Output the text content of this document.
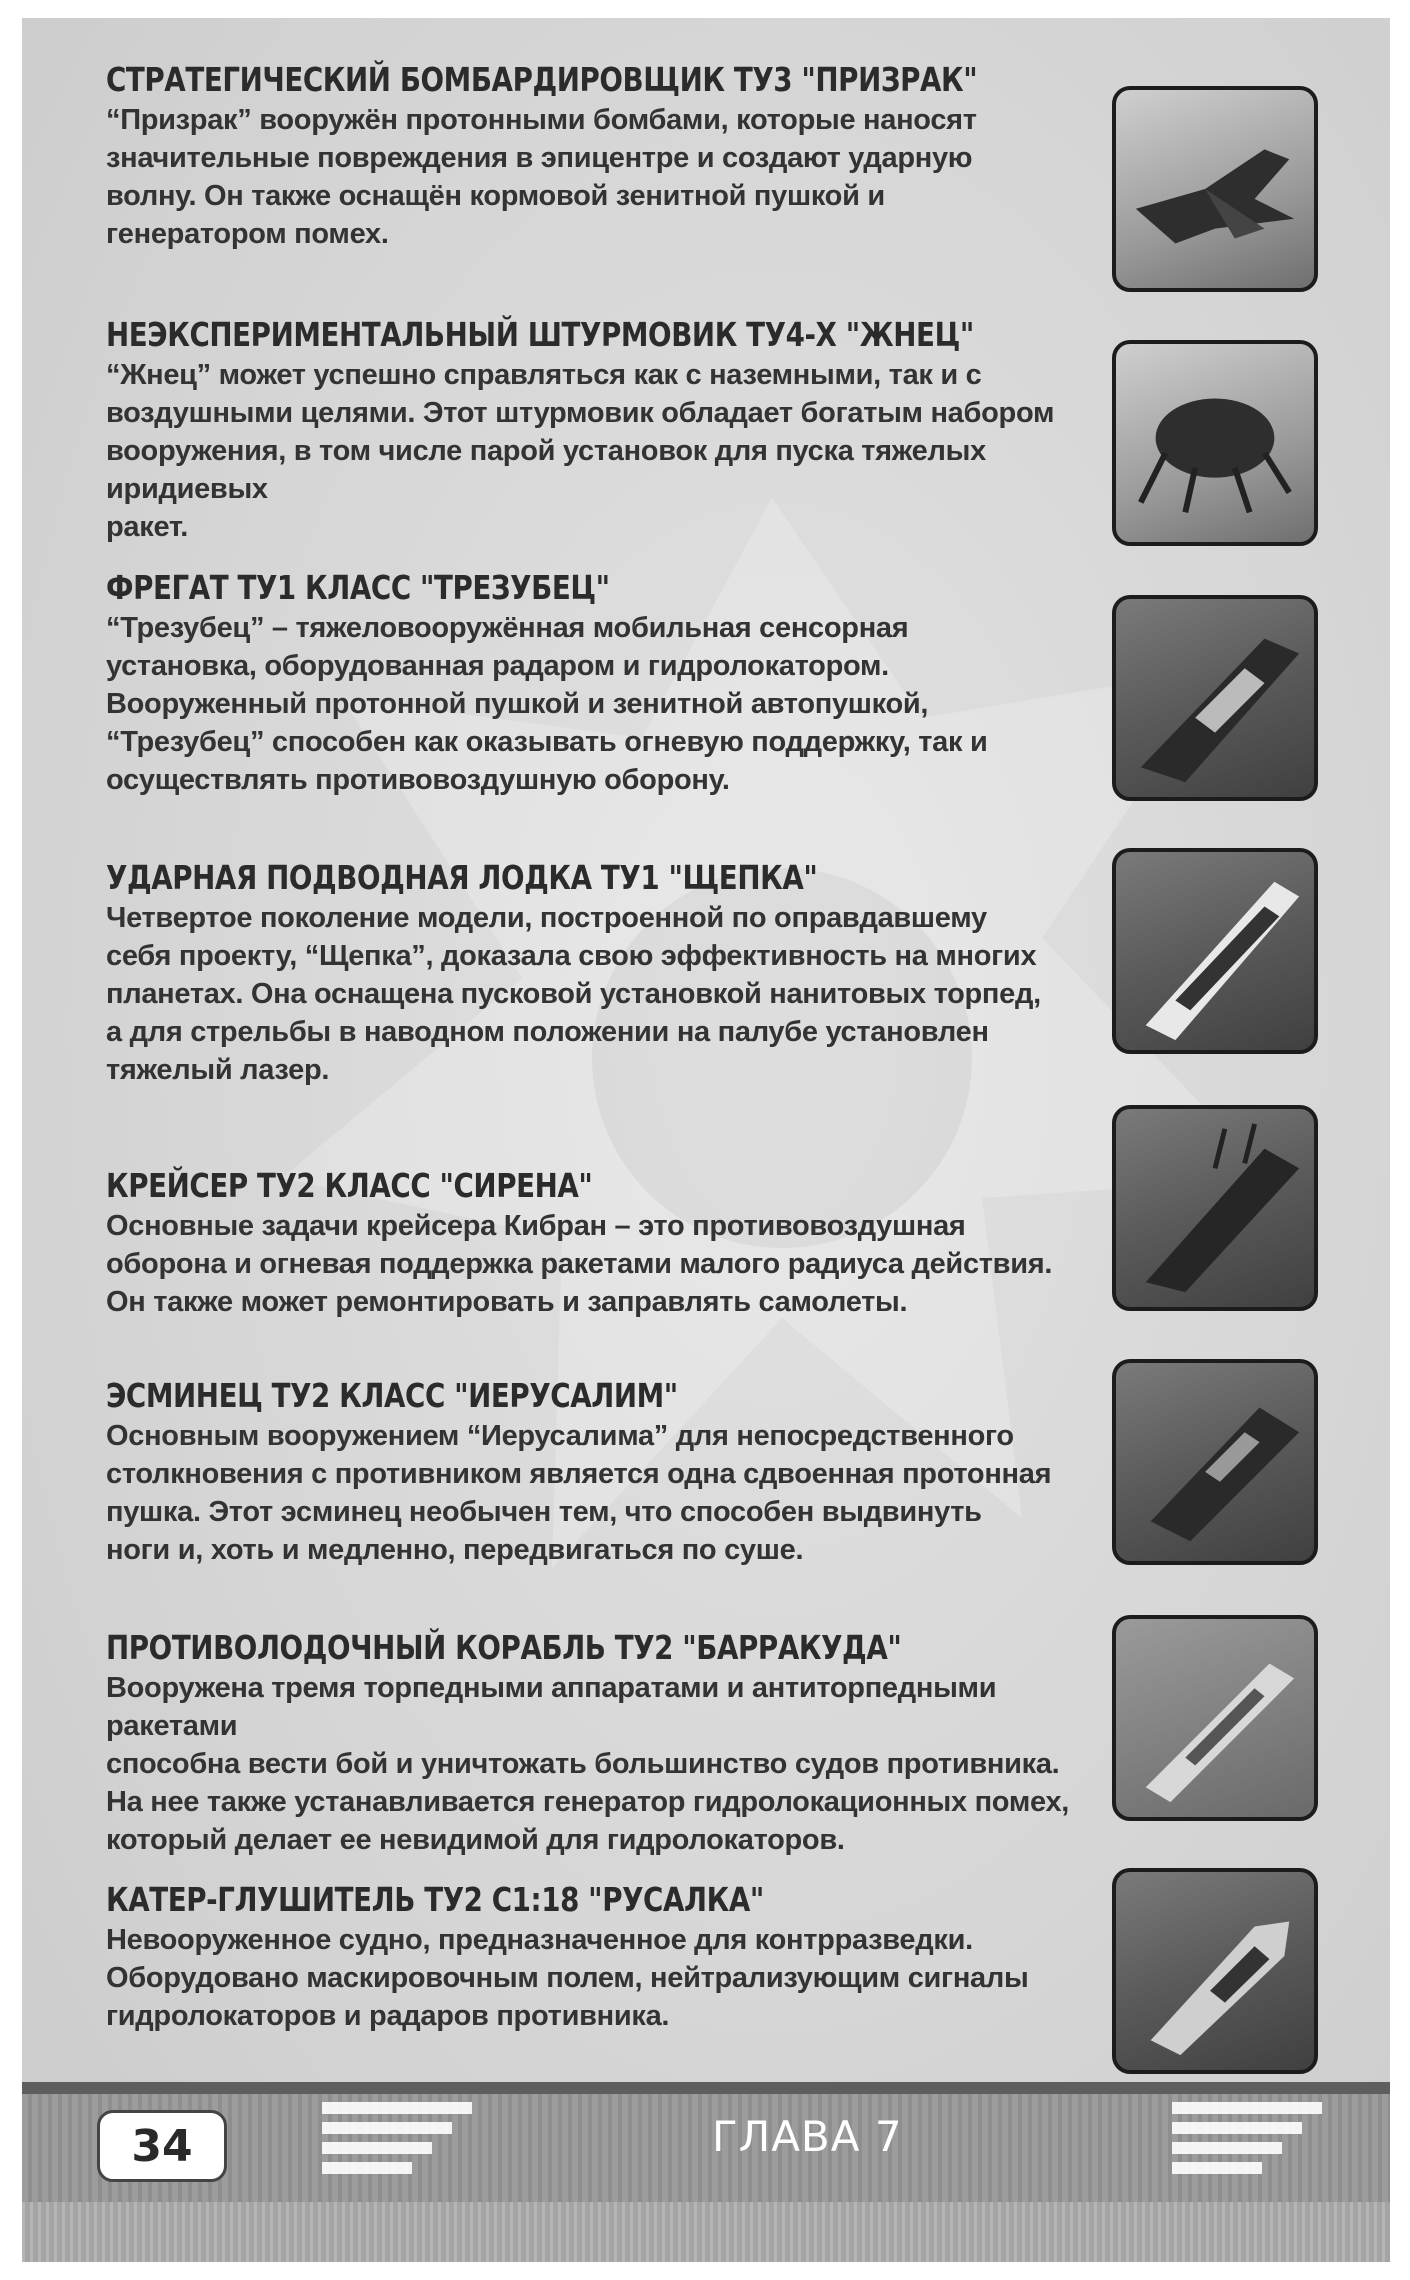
СТРАТЕГИЧЕСКИЙ БОМБАРДИРОВЩИК ТУ3 "ПРИЗРАК"

“Призрак” вооружён протонными бомбами, которые наносят
значительные повреждения в эпицентре и создают ударную
волну. Он также оснащён кормовой зенитной пушкой и
генератором помех.

НЕЭКСПЕРИМЕНТАЛЬНЫЙ ШТУРМОВИК ТУ4-X "ЖНЕЦ"

“Жнец” может успешно справляться как с наземными, так и с
воздушными целями. Этот штурмовик обладает богатым набором
вооружения, в том числе парой установок для пуска тяжелых иридиевых
ракет.

ФРЕГАТ ТУ1 КЛАСС "ТРЕЗУБЕЦ"

“Трезубец” – тяжеловооружённая мобильная сенсорная
установка, оборудованная радаром и гидролокатором.
Вооруженный протонной пушкой и зенитной автопушкой,
“Трезубец” способен как оказывать огневую поддержку, так и
осуществлять противовоздушную оборону.

УДАРНАЯ ПОДВОДНАЯ ЛОДКА ТУ1 "ЩЕПКА"

Четвертое поколение модели, построенной по оправдавшему
себя проекту, “Щепка”, доказала свою эффективность на многих
планетах. Она оснащена пусковой установкой нанитовых торпед,
а для стрельбы в наводном положении на палубе установлен
тяжелый лазер.

КРЕЙСЕР ТУ2 КЛАСС "СИРЕНА"

Основные задачи крейсера Кибран – это противовоздушная
оборона и огневая поддержка ракетами малого радиуса действия.
Он также может ремонтировать и заправлять самолеты.

ЭСМИНЕЦ ТУ2 КЛАСС "ИЕРУСАЛИМ"

Основным вооружением “Иерусалима” для непосредственного
столкновения с противником является одна сдвоенная протонная
пушка. Этот эсминец необычен тем, что способен выдвинуть
ноги и, хоть и медленно, передвигаться по суше.

ПРОТИВОЛОДОЧНЫЙ КОРАБЛЬ ТУ2 "БАРРАКУДА"

Вооружена тремя торпедными аппаратами и антиторпедными ракетами
способна вести бой и уничтожать большинство судов противника.
На нее также устанавливается генератор гидролокационных помех,
который делает ее невидимой для гидролокаторов.

КАТЕР-ГЛУШИТЕЛЬ ТУ2 С1:18 "РУСАЛКА"

Невооруженное судно, предназначенное для контрразведки.
Оборудовано маскировочным полем, нейтрализующим сигналы
гидролокаторов и радаров противника.

34	ГЛАВА 7
